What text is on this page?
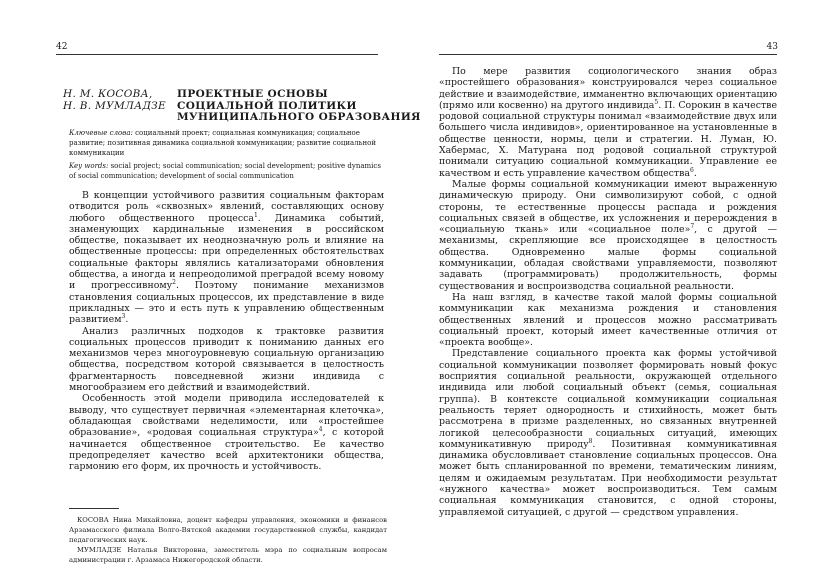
42
Н. М. КОСОВА,
Н. В. МУМЛАДЗЕ
ПРОЕКТНЫЕ ОСНОВЫ
СОЦИАЛЬНОЙ ПОЛИТИКИ
МУНИЦИПАЛЬНОГО ОБРАЗОВАНИЯ
Ключевые слова: социальный проект; социальная коммуникация; социальное развитие; позитивная динамика социальной коммуникации; развитие социальной коммуникации
Key words: social project; social communication; social development; positive dynamics of social communication; development of social communication

В концепции устойчивого развития социальным факторам отводится роль «сквозных» явлений, составляющих основу любого общественного процесса$^1$. Динамика событий, знаменующих кардинальные изменения в российском обществе, показывает их неоднозначную роль и влияние на общественные процессы: при определенных обстоятельствах социальные факторы являлись катализаторами обновления общества, а иногда и непреодолимой преградой всему новому и прогрессивному$^2$. Поэтому понимание механизмов становления социальных процессов, их представление в виде прикладных — это и есть путь к управлению общественным развитием$^3$.

Анализ различных подходов к трактовке развития социальных процессов приводит к пониманию данных его механизмов через многоуровневую социальную организацию общества, посредством которой связывается в целостность фрагментарность повседневной жизни индивида с многообразием его действий и взаимодействий.

Особенность этой модели приводила исследователей к выводу, что существует первичная «элементарная клеточка», обладающая свойствами неделимости, или «простейшее образование», «родовая социальная структура»$^4$, с которой начинается общественное строительство. Ее качество предопределяет качество всей архитектоники общества, гармонию его форм, их прочность и устойчивость.

КОСОВА Нина Михайловна, доцент кафедры управления, экономики и финансов Арзамасского филиала Волго-Вятской академии государственной службы, кандидат педагогических наук.

МУМЛАДЗЕ Наталья Викторовна, заместитель мэра по социальным вопросам администрации г. Арзамаса Нижегородской области.

43

По мере развития социологического знания образ «простейшего образования» конструировался через социальное действие и взаимодействие, имманентно включающих ориентацию (прямо или косвенно) на другого индивида$^5$. П. Сорокин в качестве родовой социальной структуры понимал «взаимодействие двух или большего числа индивидов», ориентированное на установленные в обществе ценности, нормы, цели и стратегии. Н. Луман, Ю. Хабермас, Х. Матурана под родовой социальной структурой понимали ситуацию социальной коммуникации. Управление ее качеством и есть управление качеством общества$^6$.

Малые формы социальной коммуникации имеют выраженную динамическую природу. Они символизируют собой, с одной стороны, те естественные процессы распада и рождения социальных связей в обществе, их усложнения и перерождения в «социальную ткань» или «социальное поле»$^7$, с другой — механизмы, скрепляющие все происходящее в целостность общества. Одновременно малые формы социальной коммуникации, обладая свойствами управляемости, позволяют задавать (программировать) продолжительность, формы существования и воспроизводства социальной реальности.

На наш взгляд, в качестве такой малой формы социальной коммуникации как механизма рождения и становления общественных явлений и процессов можно рассматривать социальный проект, который имеет качественные отличия от «проекта вообще».

Представление социального проекта как формы устойчивой социальной коммуникации позволяет формировать новый фокус восприятия социальной реальности, окружающей отдельного индивида или любой социальный объект (семья, социальная группа). В контексте социальной коммуникации социальная реальность теряет однородность и стихийность, может быть рассмотрена в призме разделенных, но связанных внутренней логикой целесообразности социальных ситуаций, имеющих коммуникативную природу$^8$. Позитивная коммуникативная динамика обусловливает становление социальных процессов. Она может быть спланированной по времени, тематическим линиям, целям и ожидаемым результатам. При необходимости результат «нужного качества» может воспроизводиться. Тем самым социальная коммуникация становится, с одной стороны, управляемой ситуацией, с другой — средством управления.
